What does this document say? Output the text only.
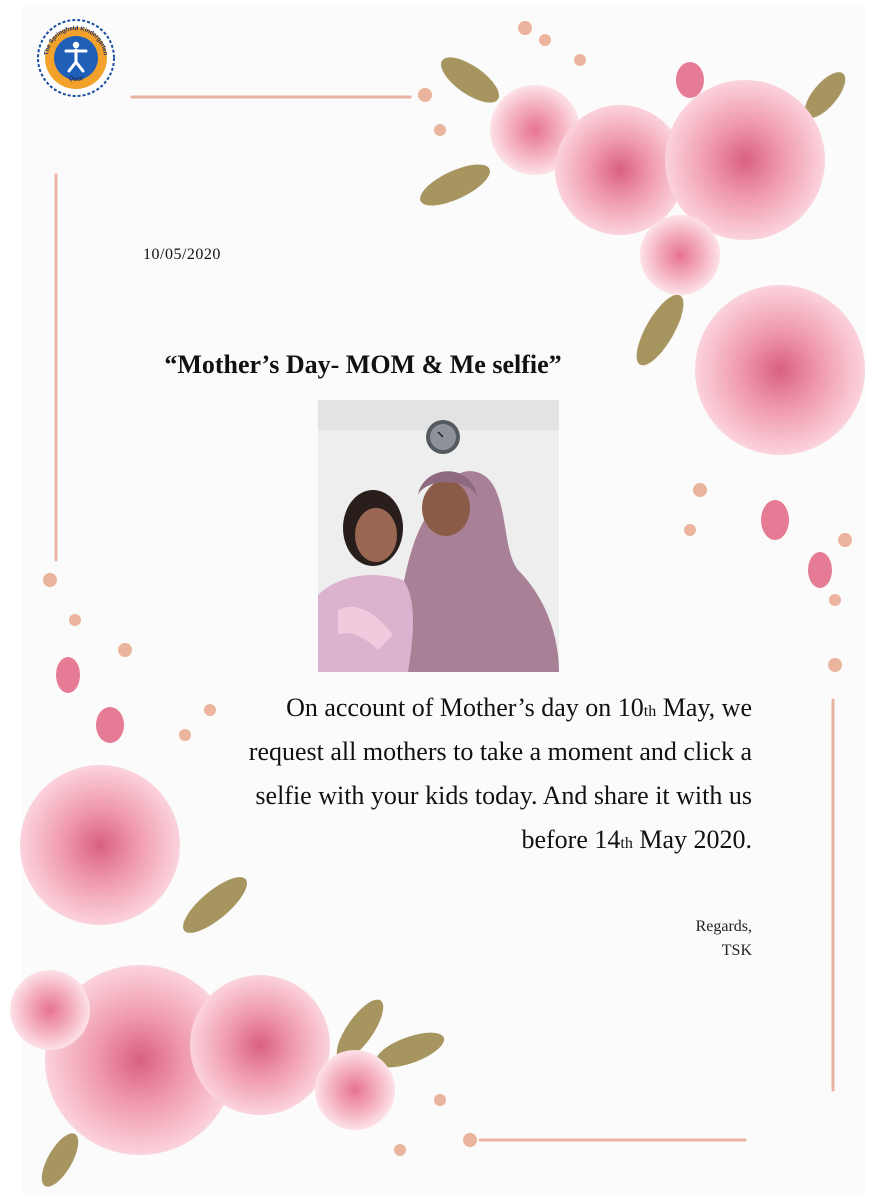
The Springfield Kindergarten
Qatar
10/05/2020
“Mother’s Day- MOM & Me selfie”
On account of Mother’s day on 10th May, we
request all mothers to take a moment and click a
selfie with your kids today. And share it with us
before 14th May 2020.
Regards,
TSK
